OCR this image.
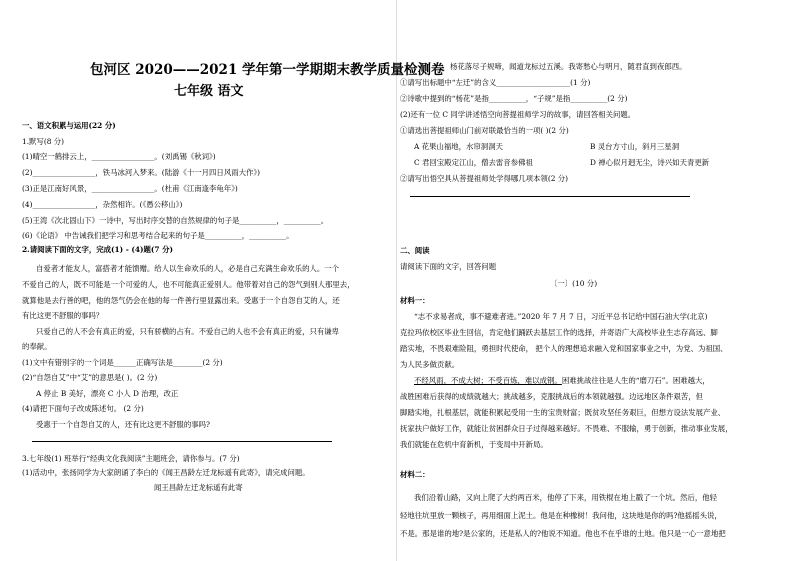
包河区 2020——2021 学年第一学期期末教学质量检测卷
七年级 语文
一、语文积累与运用(22 分)
1.默写(8 分)
(1)晴空一鹤排云上，_________________。(刘禹锡《秋词》)
(2)_________________，铁马冰河入梦来。(陆游《十一月四日风雨大作》)
(3)正是江南好风景，_________________。(杜甫《江南逢李龟年》)
(4)_________________，杂然相许。(《愚公移山》)
(5)王湾《次北固山下》一诗中，写出时序交替的自然规律的句子是__________，__________。
(6)《论语》 中告诫我们把学习和思考结合起来的句子是__________，__________。
2.请阅读下面的文字，完成(1) - (4)题(7 分)
自爱者才能友人，富搭者才能馈赠。给人以生命欢乐的人，必是自己充满生命欢乐的人。一个
不爱自己的人，既不可能是一个可爱的人，也不可能真正爱别人。他带着对自己的怨气到别人那里去，
就算他是去行善的吧，他的怨气仍会在他的每一件善行里显露出来。受惠于一个自怨自艾的人，还
有比这更不舒服的事吗？
只爱自己的人不会有真正的爱，只有骄横的占有。不爱自己的人也不会有真正的爱，只有谦卑
的奉献。
(1)文中有错别字的一个词是______正确写法是________(2 分)
(2)“自怨自艾”中“艾”的意思是( )。(2 分)
A 停止 B 美好，漂亮 C 小人 D 治理，改正
(4)请把下面句子改成陈述句。 (2 分)
受惠于一个自怨自艾的人，还有比这更不舒服的事吗?
3.七年级(1) 班举行“经典文化我阅读”主题班会，请你参与。(7 分)
(1)活动中，张扬同学为大家朗诵了李白的《闻王昌龄左迁龙标遥有此寄》，请完成问题。
闻王昌龄左迁龙标遥有此寄
杨花落尽子规啼，闻道龙标过五溪。我寄愁心与明月，随君直到夜郎西。
①请写出标题中“左迁”的含义____________________(1 分)
②诗歌中提到的“杨花”是指__________，“子规”是指__________(2 分)
(2)还有一位 C 同学讲述悟空向菩提祖师学习的故事，请回答相关问题。
①请选出菩提祖师山门前对联最恰当的一项( )(2 分)
A 花果山福地，水帘洞洞天	B 灵台方寸山，斜月三星洞
C 君回宝殿定江山，僧去雷音参佛祖	D 禅心似月迥无尘，诗兴如天青更新
②请写出悟空具从菩提祖师处学得哪几项本领(2 分)
二、阅读
请阅读下面的文字，回答问题
〔一〕(10 分)
材料一：
“志不求易者成，事不避难者进。”2020 年 7 月 7 日，习近平总书记给中国石油大学(北京)
克拉玛依校区毕业生回信，肯定他们踊跃去基层工作的选择，并寄语广大高校毕业生志存高远、脚
踏实地，不畏艰难险阻，勇担时代使命， 把个人的理想追求融入党和国家事业之中，为党、为祖国、
为人民多做贡献。
不经风雨，不成大树；不受百炼，难以成钢。困难挑战往往是人生的“磨刀石”。困难越大，
战胜困难后获得的成绩就越大；挑战越多，克服挑战后的本领就越强。边远地区条件艰苦，但
脚踏实地，扎根基层，就能积累起受用一生的宝贵财富；既贫攻坚任务艰巨，但想方设法发展产业、
抚家扶户做好工作，就能让贫困群众日子过得越来越好。不畏难、不服输，勇于创新，推动事业发展，
我们就能在危机中育新机，于变局中开新局。
材料二：
我们沿着山路，又向上爬了大约两百米，他停了下来，用铁棍在地上戳了一个坑。然后，他轻
轻地往坑里放一颗核子，再用细面上泥土。他是在种橡树！我问他，这块地是你的吗?他摇摇头说，
不是。那是谁的地?是公家的，还是私人的?他说不知道。他也不在乎谁的土地。他只是一心一意地把
